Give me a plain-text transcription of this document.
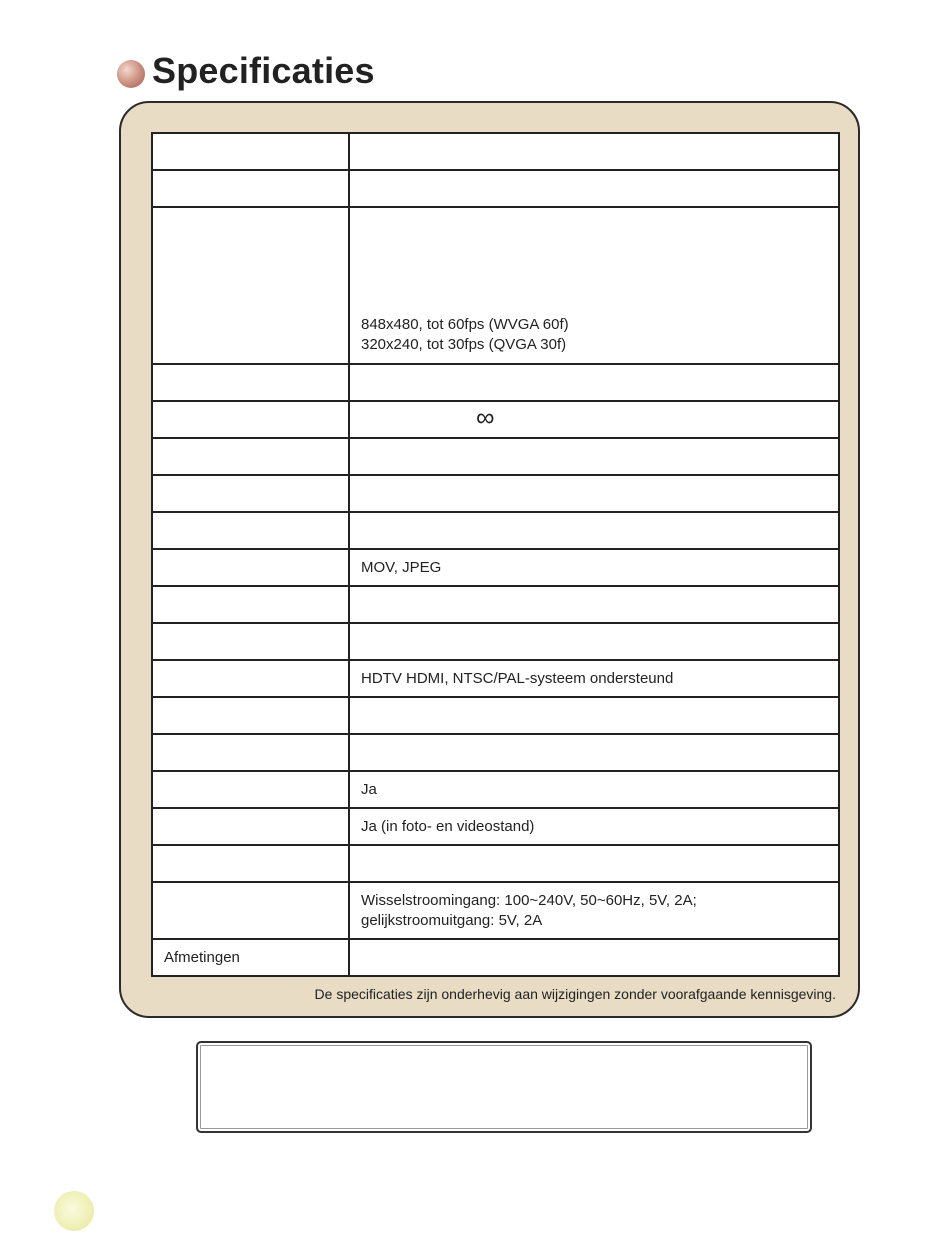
Specificaties
De specificaties zijn onderhevig aan wijzigingen zonder voorafgaande kennisgeving.

	848x480, tot 60fps (WVGA 60f)
320x240, tot 30fps (QVGA 30f)

	∞

	MOV, JPEG

	HDTV HDMI, NTSC/PAL-systeem ondersteund

	Ja
	Ja (in foto- en videostand)

	Wisselstroomingang: 100~240V, 50~60Hz, 5V, 2A;
gelijkstroomuitgang: 5V, 2A

Afmetingen	
